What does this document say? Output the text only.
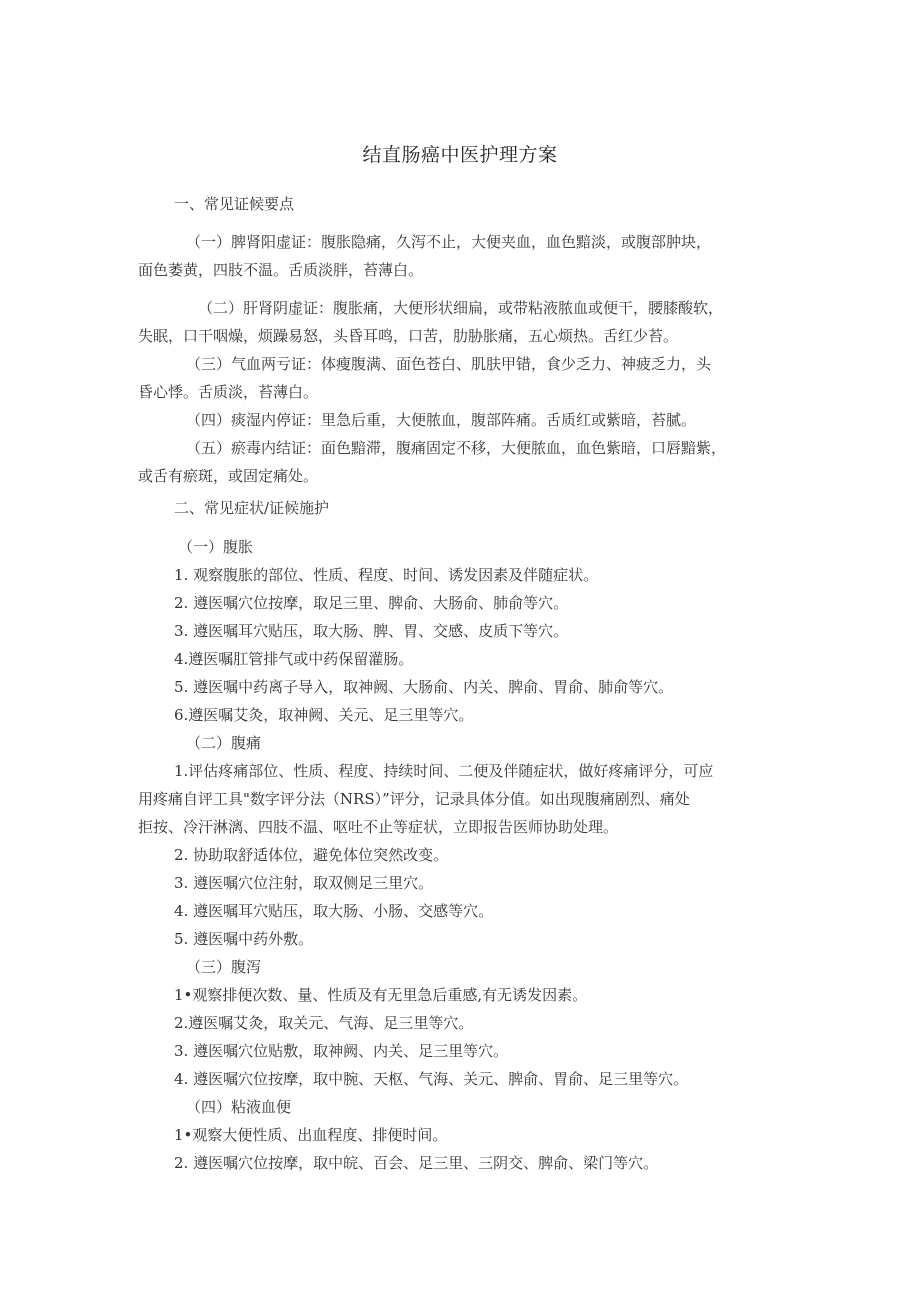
结直肠癌中医护理方案
一、常见证候要点
（一）脾肾阳虚证：腹胀隐痛，久泻不止，大便夹血，血色黯淡，或腹部肿块，
面色萎黄，四肢不温。舌质淡胖，苔薄白。
（二）肝肾阴虚证：腹胀痛，大便形状细扁，或带粘液脓血或便干，腰膝酸软，
失眠，口干咽燥，烦躁易怒，头昏耳鸣，口苦，肋胁胀痛，五心烦热。舌红少苔。
（三）气血两亏证：体瘦腹满、面色苍白、肌肤甲错，食少乏力、神疲乏力，头
昏心悸。舌质淡，苔薄白。
（四）痰湿内停证：里急后重，大便脓血，腹部阵痛。舌质红或紫暗，苔腻。
（五）瘀毒内结证：面色黯滞，腹痛固定不移，大便脓血，血色紫暗，口唇黯紫，
或舌有瘀斑，或固定痛处。
二、常见症状/证候施护
（一）腹胀
1. 观察腹胀的部位、性质、程度、时间、诱发因素及伴随症状。
2. 遵医嘱穴位按摩，取足三里、脾俞、大肠俞、肺俞等穴。
3. 遵医嘱耳穴贴压，取大肠、脾、胃、交感、皮质下等穴。
4.遵医嘱肛管排气或中药保留灌肠。
5. 遵医嘱中药离子导入，取神阙、大肠俞、内关、脾俞、胃俞、肺俞等穴。
6.遵医嘱艾灸，取神阙、关元、足三里等穴。
（二）腹痛
1.评估疼痛部位、性质、程度、持续时间、二便及伴随症状，做好疼痛评分，可应
用疼痛自评工具"数字评分法（NRS）”评分，记录具体分值。如出现腹痛剧烈、痛处
拒按、冷汗淋漓、四肢不温、呕吐不止等症状，立即报告医师协助处理。
2. 协助取舒适体位，避免体位突然改变。
3. 遵医嘱穴位注射，取双侧足三里穴。
4. 遵医嘱耳穴贴压，取大肠、小肠、交感等穴。
5. 遵医嘱中药外敷。
（三）腹泻
1•观察排便次数、量、性质及有无里急后重感,有无诱发因素。
2.遵医嘱艾灸，取关元、气海、足三里等穴。
3. 遵医嘱穴位贴敷，取神阙、内关、足三里等穴。
4. 遵医嘱穴位按摩，取中腕、天枢、气海、关元、脾俞、胃俞、足三里等穴。
（四）粘液血便
1•观察大便性质、出血程度、排便时间。
2. 遵医嘱穴位按摩，取中皖、百会、足三里、三阴交、脾俞、梁门等穴。
